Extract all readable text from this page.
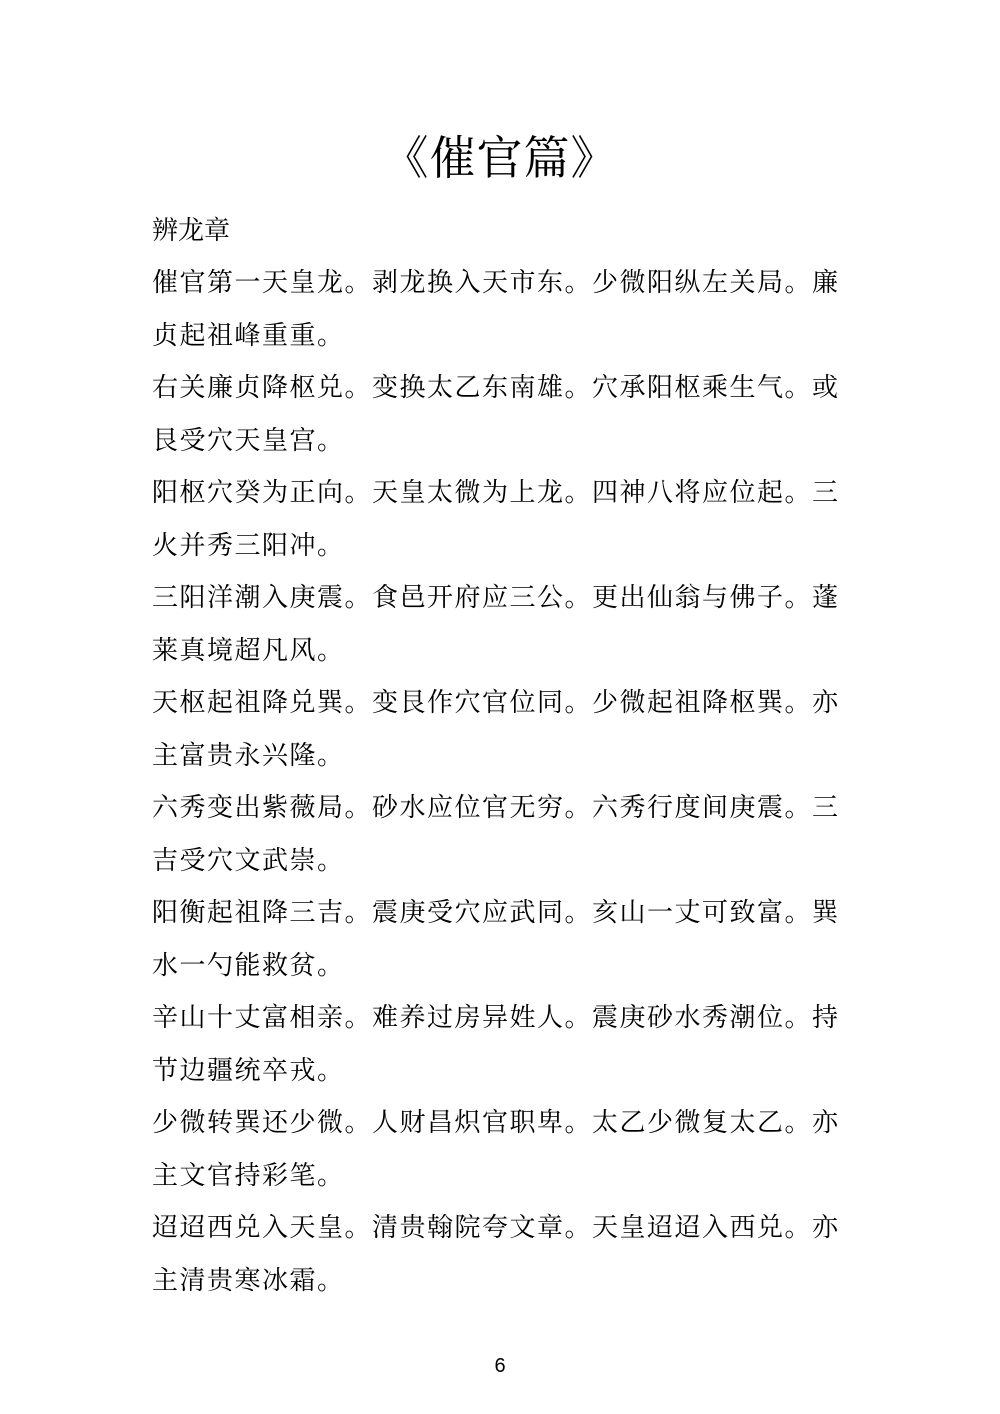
《催官篇》
辨龙章
催官第一天皇龙。剥龙换入天市东。少微阳纵左关局。廉贞起祖峰重重。
右关廉贞降枢兑。变换太乙东南雄。穴承阳枢乘生气。或艮受穴天皇宫。
阳枢穴癸为正向。天皇太微为上龙。四神八将应位起。三火并秀三阳冲。
三阳洋潮入庚震。食邑开府应三公。更出仙翁与佛子。蓬莱真境超凡风。
天枢起祖降兑巽。变艮作穴官位同。少微起祖降枢巽。亦主富贵永兴隆。
六秀变出紫薇局。砂水应位官无穷。六秀行度间庚震。三吉受穴文武崇。
阳衡起祖降三吉。震庚受穴应武同。亥山一丈可致富。巽水一勺能救贫。
辛山十丈富相亲。难养过房异姓人。震庚砂水秀潮位。持节边疆统卒戎。
少微转巽还少微。人财昌炽官职卑。太乙少微复太乙。亦主文官持彩笔。
迢迢西兑入天皇。清贵翰院夸文章。天皇迢迢入西兑。亦主清贵寒冰霜。
6
